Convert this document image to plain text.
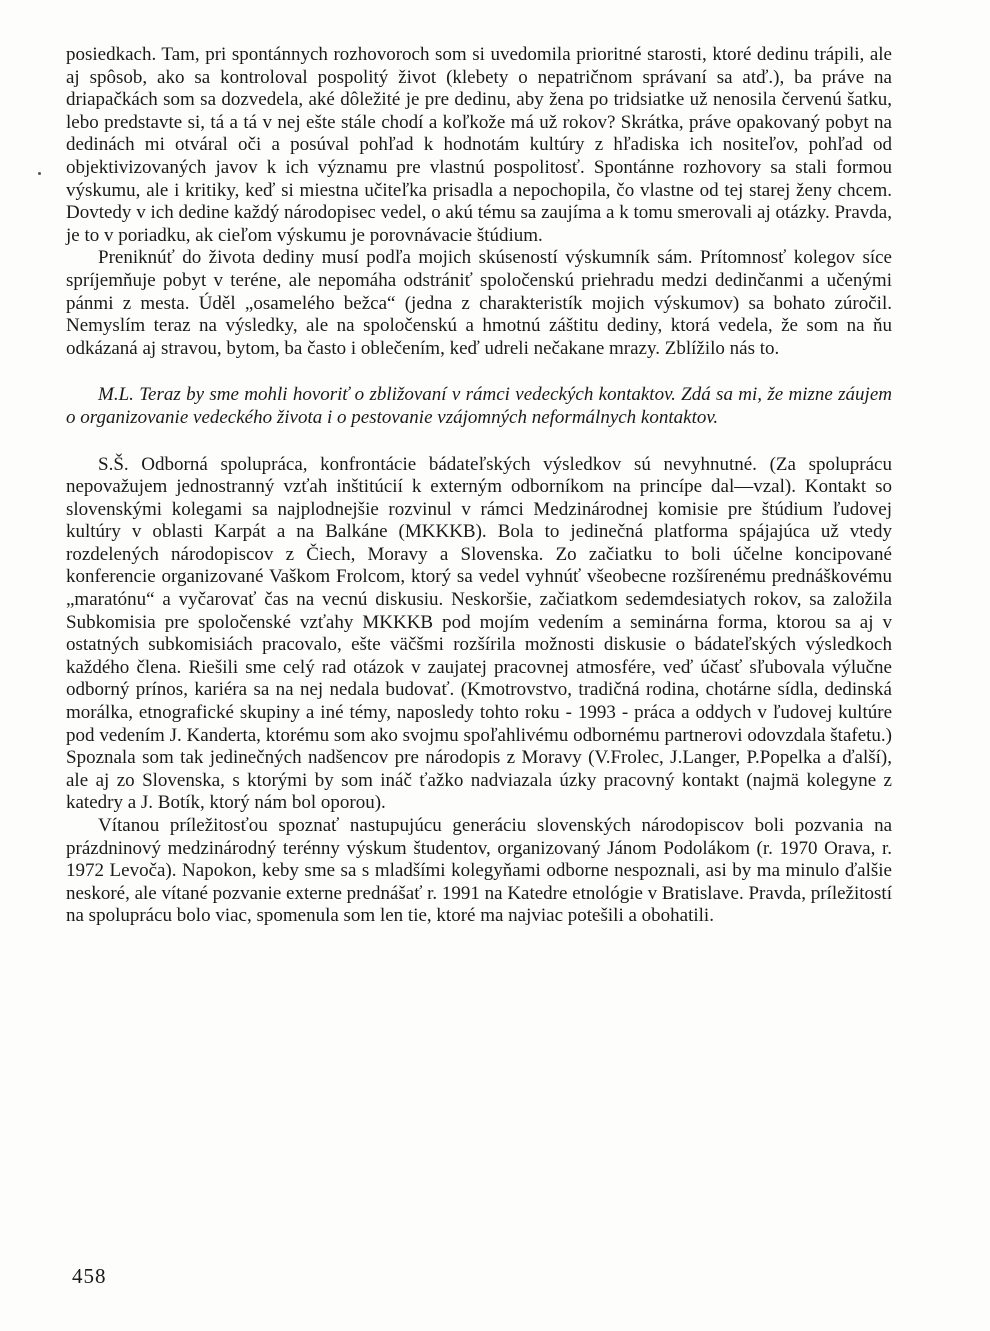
posiedkach. Tam, pri spontánnych rozhovoroch som si uvedomila prioritné starosti, ktoré dedinu trápili, ale aj spôsob, ako sa kontroloval pospolitý život (klebety o nepatričnom správaní sa atď.), ba práve na driapačkách som sa dozvedela, aké dôležité je pre dedinu, aby žena po tridsiatke už nenosila červenú šatku, lebo predstavte si, tá a tá v nej ešte stále chodí a koľkože má už rokov? Skrátka, práve opakovaný pobyt na dedinách mi otváral oči a posúval pohľad k hodnotám kultúry z hľadiska ich nositeľov, pohľad od objektivizovaných javov k ich významu pre vlastnú pospolitosť. Spontánne rozhovory sa stali formou výskumu, ale i kritiky, keď si miestna učiteľka prisadla a nepochopila, čo vlastne od tej starej ženy chcem. Dovtedy v ich dedine každý národopisec vedel, o akú tému sa zaujíma a k tomu smerovali aj otázky. Pravda, je to v poriadku, ak cieľom výskumu je porovnávacie štúdium.

Preniknúť do života dediny musí podľa mojich skúseností výskumník sám. Prítomnosť kolegov síce spríjemňuje pobyt v teréne, ale nepomáha odstrániť spoločenskú priehradu medzi dedinčanmi a učenými pánmi z mesta. Úděl „osamelého bežca“ (jedna z charakteristík mojich výskumov) sa bohato zúročil. Nemyslím teraz na výsledky, ale na spoločenskú a hmotnú záštitu dediny, ktorá vedela, že som na ňu odkázaná aj stravou, bytom, ba často i oblečením, keď udreli nečakane mrazy. Zblížilo nás to.

M.L. Teraz by sme mohli hovoriť o zbližovaní v rámci vedeckých kontaktov. Zdá sa mi, že mizne záujem o organizovanie vedeckého života i o pestovanie vzájomných neformálnych kontaktov.

S.Š. Odborná spolupráca, konfrontácie bádateľských výsledkov sú nevyhnutné. (Za spoluprácu nepovažujem jednostranný vzťah inštitúcií k externým odborníkom na princípe dal—vzal). Kontakt so slovenskými kolegami sa najplodnejšie rozvinul v rámci Medzinárodnej komisie pre štúdium ľudovej kultúry v oblasti Karpát a na Balkáne (MKKKB). Bola to jedinečná platforma spájajúca už vtedy rozdelených národopiscov z Čiech, Moravy a Slovenska. Zo začiatku to boli účelne koncipované konferencie organizované Vaškom Frolcom, ktorý sa vedel vyhnúť všeobecne rozšírenému prednáškovému „maratónu“ a vyčarovať čas na vecnú diskusiu. Neskoršie, začiatkom sedemdesiatych rokov, sa založila Subkomisia pre spoločenské vzťahy MKKKB pod mojím vedením a seminárna forma, ktorou sa aj v ostatných subkomisiách pracovalo, ešte väčšmi rozšírila možnosti diskusie o bádateľských výsledkoch každého člena. Riešili sme celý rad otázok v zaujatej pracovnej atmosfére, veď účasť sľubovala výlučne odborný prínos, kariéra sa na nej nedala budovať. (Kmotrovstvo, tradičná rodina, chotárne sídla, dedinská morálka, etnografické skupiny a iné témy, naposledy tohto roku - 1993 - práca a oddych v ľudovej kultúre pod vedením J. Kanderta, ktorému som ako svojmu spoľahlivému odbornému partnerovi odovzdala štafetu.) Spoznala som tak jedinečných nadšencov pre národopis z Moravy (V.Frolec, J.Langer, P.Popelka a ďalší), ale aj zo Slovenska, s ktorými by som ináč ťažko nadviazala úzky pracovný kontakt (najmä kolegyne z katedry a J. Botík, ktorý nám bol oporou).

Vítanou príležitosťou spoznať nastupujúcu generáciu slovenských národopiscov boli pozvania na prázdninový medzinárodný terénny výskum študentov, organizovaný Jánom Podolákom (r. 1970 Orava, r. 1972 Levoča). Napokon, keby sme sa s mladšími kolegyňami odborne nespoznali, asi by ma minulo ďalšie neskoré, ale vítané pozvanie externe prednášať r. 1991 na Katedre etnológie v Bratislave. Pravda, príležitostí na spoluprácu bolo viac, spomenula som len tie, ktoré ma najviac potešili a obohatili.

458
